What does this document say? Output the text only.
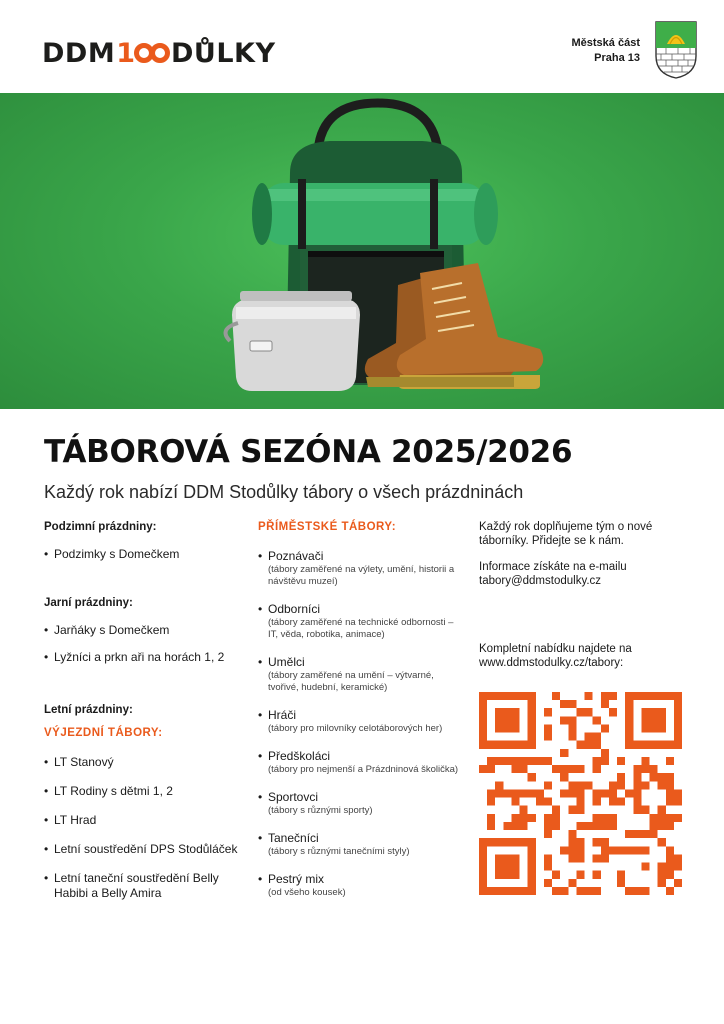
DDM 1 DŮLKY	Městská část
Praha 13
TÁBOROVÁ SEZÓNA 2025/2026

Každý rok nabízí DDM Stodůlky tábory o všech prázdninách

Podzimní prázdniny:

• Podzimky s Domečkem

Jarní prázdniny:

• Jarňáky s Domečkem
• Lyžníci a prkn aři na horách 1, 2

Letní prázdniny:

VÝJEZDNÍ TÁBORY:

• LT Stanový
• LT Rodiny s dětmi 1, 2
• LT Hrad
• Letní soustředění DPS Stodůláček
• Letní taneční soustředění Belly Habibi a Belly Amira

PŘÍMĚSTSKÉ TÁBORY:

• Poznávači
(tábory zaměřené na výlety, umění, historii a návštěvu muzeí)
• Odborníci
(tábory zaměřené na technické odbornosti – IT, věda, robotika, animace)
• Umělci
(tábory zaměřené na umění – výtvarné, tvořivé, hudební, keramické)
• Hráči
(tábory pro milovníky celotáborových her)
• Předškoláci
(tábory pro nejmenší a Prázdninová školička)
• Sportovci
(tábory s různými sporty)
• Tanečníci
(tábory s různými tanečními styly)
• Pestrý mix
(od všeho kousek)

Každý rok doplňujeme tým o nové táborníky. Přidejte se k nám.

Informace získáte na e-mailu

tabory@ddmstodulky.cz

Kompletní nabídku najdete na

www.ddmstodulky.cz/tabory:
